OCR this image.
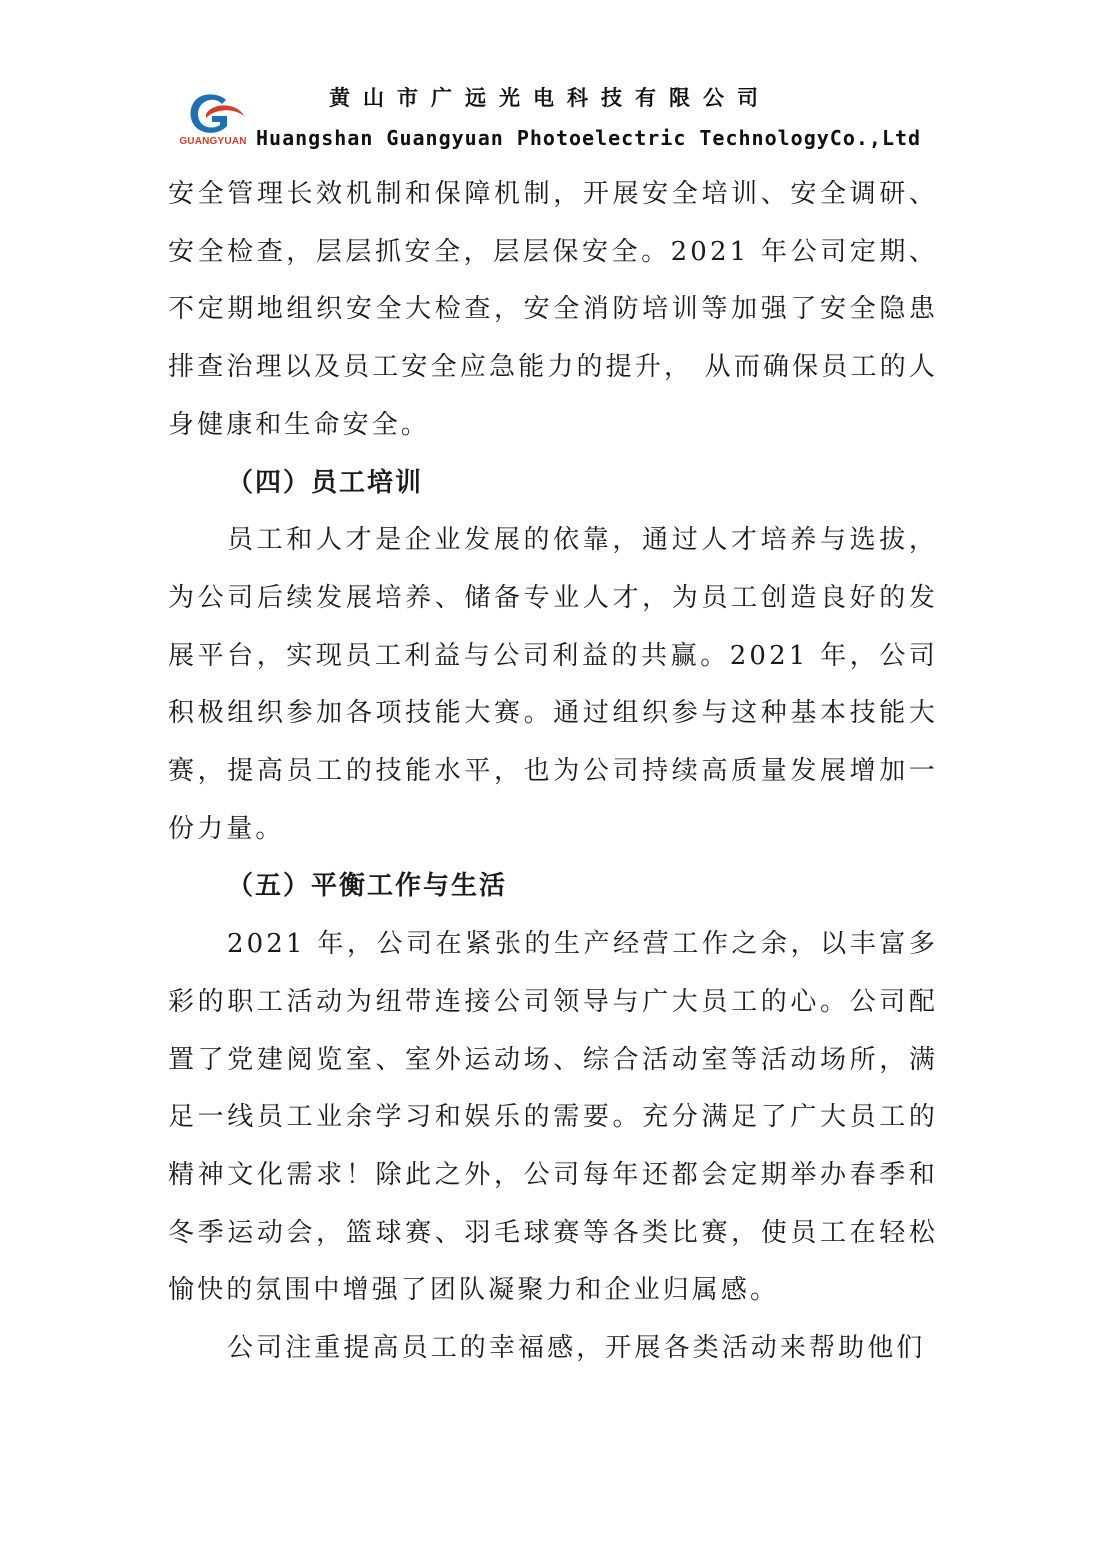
GUANGYUAN
黄山市广远光电科技有限公司
Huangshan Guangyuan Photoelectric TechnologyCo.,Ltd

安全管理长效机制和保障机制，开展安全培训、安全调研、安全检查，层层抓安全，层层保安全。2021 年公司定期、不定期地组织安全大检查，安全消防培训等加强了安全隐患排查治理以及员工安全应急能力的提升， 从而确保员工的人身健康和生命安全。

（四）员工培训

员工和人才是企业发展的依靠，通过人才培养与选拔，为公司后续发展培养、储备专业人才，为员工创造良好的发展平台，实现员工利益与公司利益的共赢。2021 年，公司积极组织参加各项技能大赛。通过组织参与这种基本技能大赛，提高员工的技能水平，也为公司持续高质量发展增加一份力量。

（五）平衡工作与生活

2021 年，公司在紧张的生产经营工作之余，以丰富多彩的职工活动为纽带连接公司领导与广大员工的心。公司配置了党建阅览室、室外运动场、综合活动室等活动场所，满足一线员工业余学习和娱乐的需要。充分满足了广大员工的精神文化需求！除此之外，公司每年还都会定期举办春季和冬季运动会，篮球赛、羽毛球赛等各类比赛，使员工在轻松愉快的氛围中增强了团队凝聚力和企业归属感。

公司注重提高员工的幸福感，开展各类活动来帮助他们
